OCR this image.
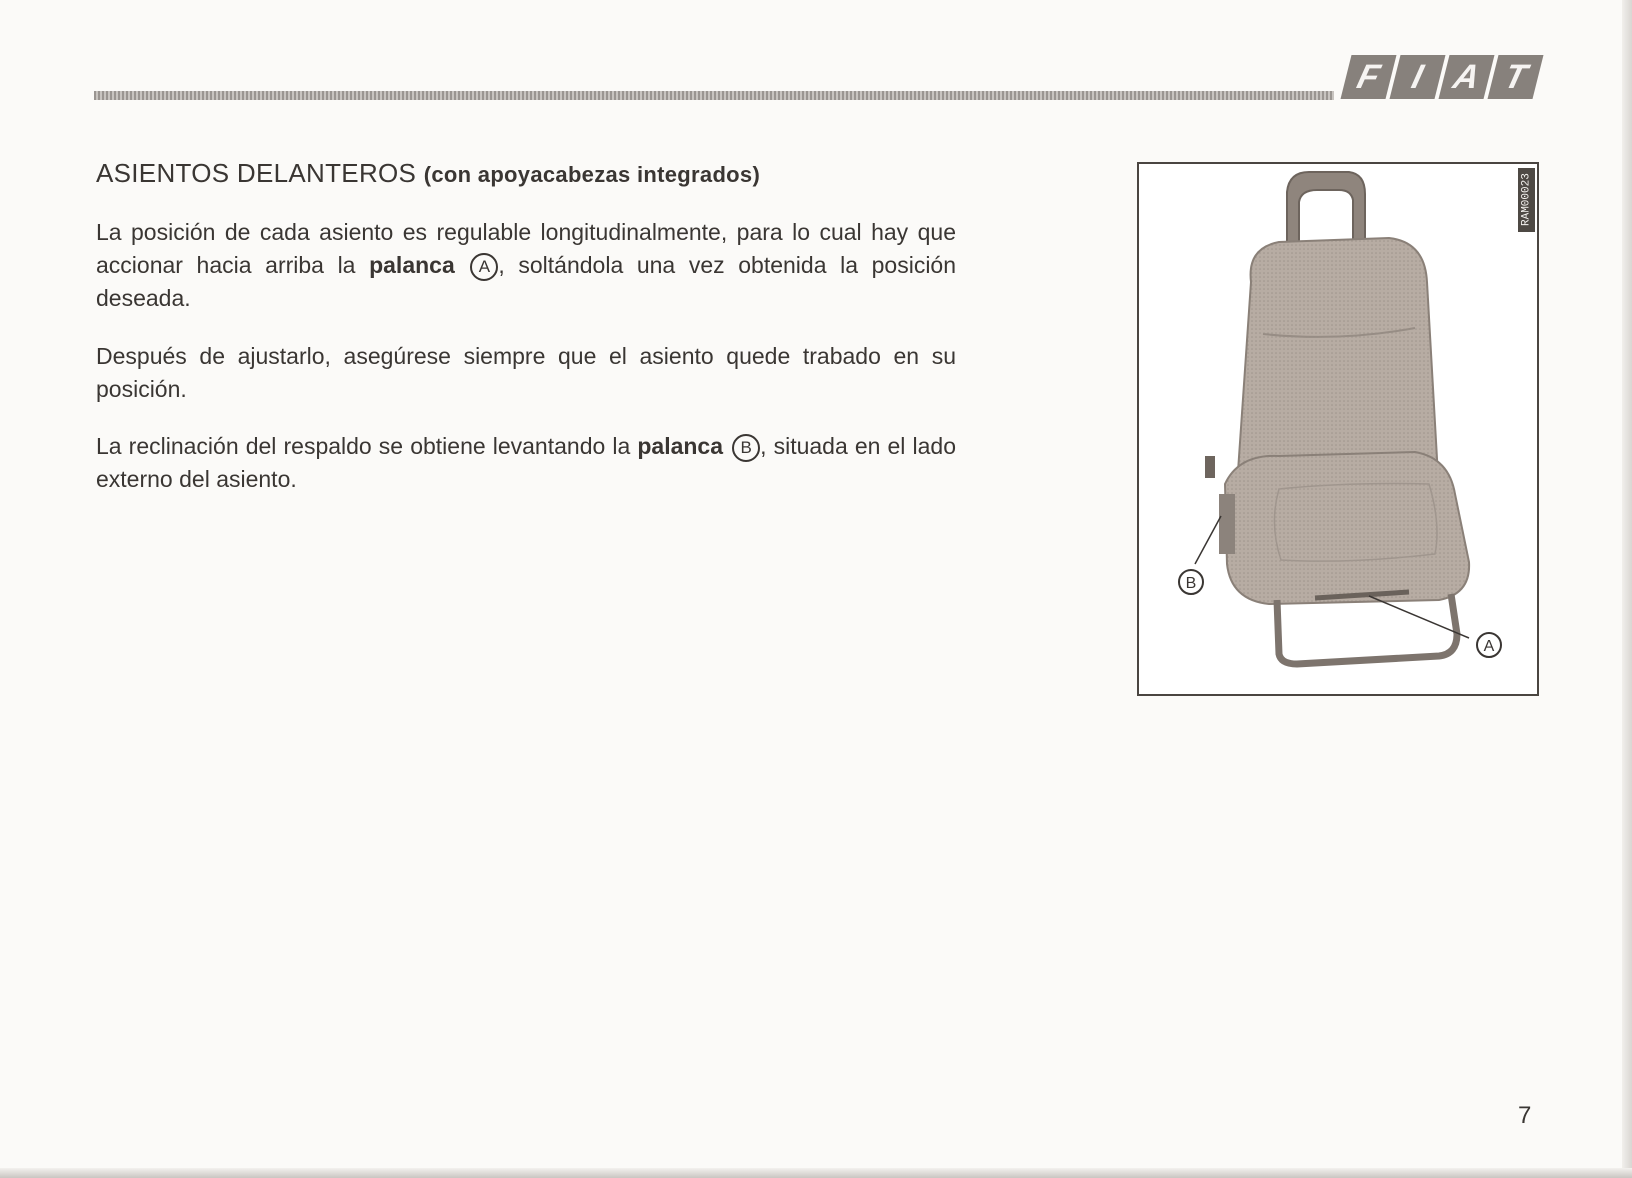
F I A T
ASIENTOS DELANTEROS (con apoyacabezas integrados)
La posición de cada asiento es regulable longitudinalmente, para lo cual hay que accionar hacia arriba la palanca A , soltándola una vez obtenida la posición deseada.
Después de ajustarlo, asegúrese siempre que el asiento quede trabado en su posición.
La reclinación del respaldo se obtiene levantando la palanca B , situada en el lado externo del asiento.
B
A
RAM00023
7
